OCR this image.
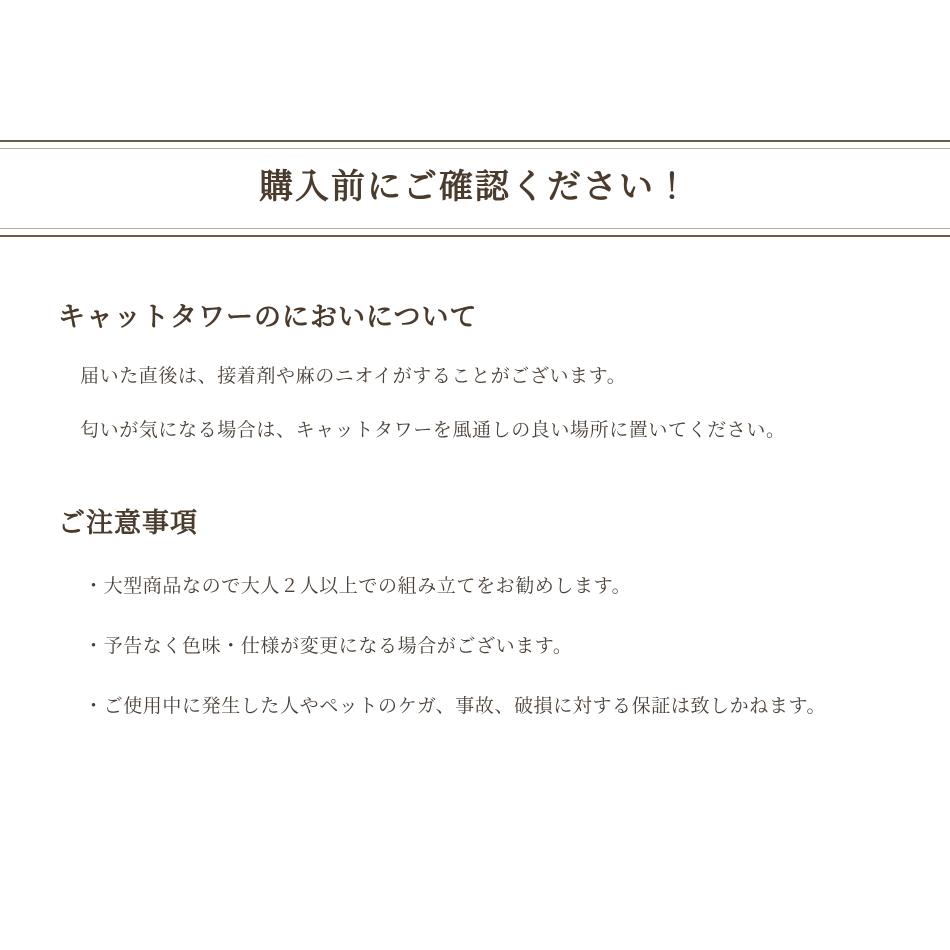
購入前にご確認ください！
キャットタワーのにおいについて

届いた直後は、接着剤や麻のニオイがすることがございます。

匂いが気になる場合は、キャットタワーを風通しの良い場所に置いてください。

ご注意事項
・大型商品なので大人２人以上での組み立てをお勧めします。
・予告なく色味・仕様が変更になる場合がございます。
・ご使用中に発生した人やペットのケガ、事故、破損に対する保証は致しかねます。
